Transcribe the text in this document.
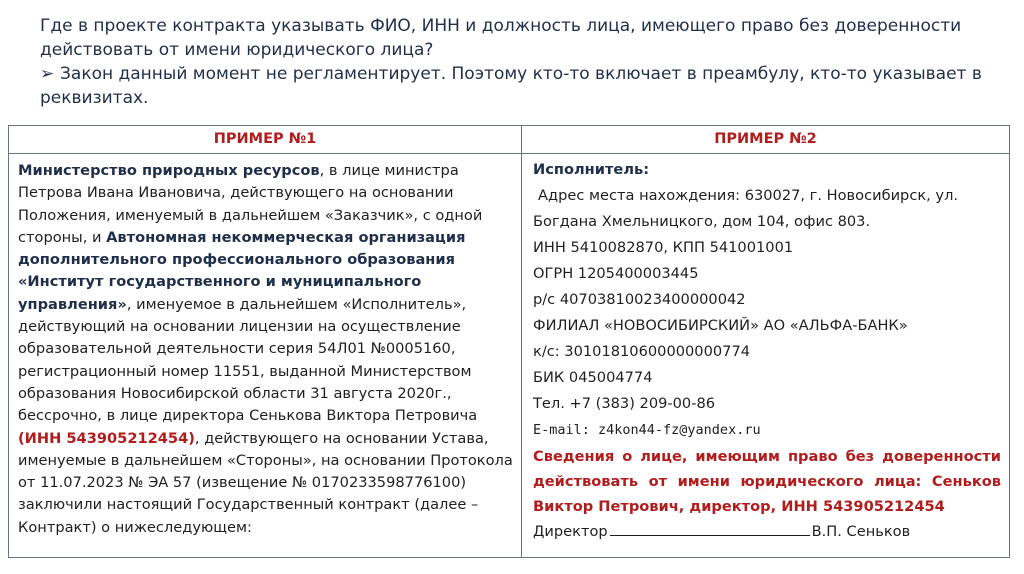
Где в проекте контракта указывать ФИО, ИНН и должность лица, имеющего право без доверенности действовать от имени юридического лица?

➢ Закон данный момент не регламентирует. Поэтому кто-то включает в преамбулу, кто-то указывает в реквизитах.

ПРИМЕР №1	ПРИМЕР №2
Министерство природных ресурсов, в лице министра Петрова Ивана Ивановича, действующего на основании Положения, именуемый в дальнейшем «Заказчик», с одной стороны, и Автономная некоммерческая организация дополнительного профессионального образования «Институт государственного и муниципального управления», именуемое в дальнейшем «Исполнитель», действующий на основании лицензии на осуществление образовательной деятельности серия 54Л01 №0005160, регистрационный номер 11551, выданной Министерством образования Новосибирской области 31 августа 2020г., бессрочно, в лице директора Сенькова Виктора Петровича (ИНН 543905212454), действующего на основании Устава, именуемые в дальнейшем «Стороны», на основании Протокола от 11.07.2023 № ЭА 57 (извещение № 0170233598776100) заключили настоящий Государственный контракт (далее – Контракт) о нижеследующем:
Исполнитель:
Адрес места нахождения: 630027, г. Новосибирск, ул.
Богдана Хмельницкого, дом 104, офис 803.
ИНН 5410082870, КПП 541001001
ОГРН 1205400003445
р/с 40703810023400000042
ФИЛИАЛ «НОВОСИБИРСКИЙ» АО «АЛЬФА-БАНК»
к/с: 30101810600000000774
БИК 045004774
Тел. +7 (383) 209-00-86
E-mail: z4kon44-fz@yandex.ru
Сведения о лице, имеющим право без доверенности действовать от имени юридического лица: Сеньков Виктор Петрович, директор, ИНН 543905212454
Директор	В.П. Сеньков
